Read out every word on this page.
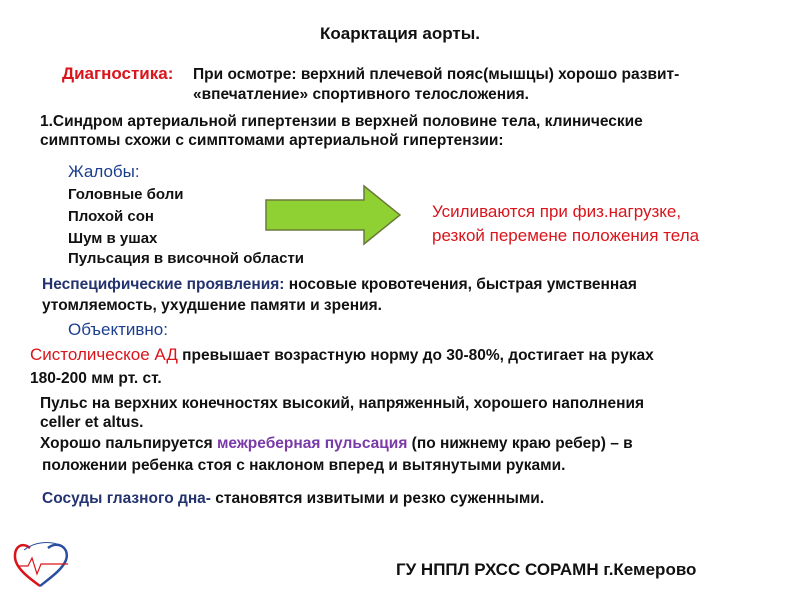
Коарктация аорты.
Диагностика: При осмотре: верхний плечевой пояс(мышцы) хорошо развит-
«впечатление» спортивного телосложения.
1.Синдром артериальной гипертензии в верхней половине тела, клинические
симптомы схожи с симптомами артериальной гипертензии:
Жалобы:
Головные боли
Плохой сон
Шум в ушах
Пульсация в височной области
Усиливаются при физ.нагрузке,
резкой перемене положения тела
Неспецифические проявления: носовые кровотечения, быстрая умственная
утомляемость, ухудшение памяти и зрения.
Объективно:
Систолическое АД превышает возрастную норму до 30-80%, достигает на руках
180-200 мм рт. ст.
Пульс на верхних конечностях высокий, напряженный, хорошего наполнения
celler et altus.
Хорошо пальпируется межреберная пульсация (по нижнему краю ребер) – в
положении ребенка стоя с наклоном вперед и вытянутыми руками.
Сосуды глазного дна- становятся извитыми и резко суженными.
ГУ НППЛ РХСС СОРАМН г.Кемерово
